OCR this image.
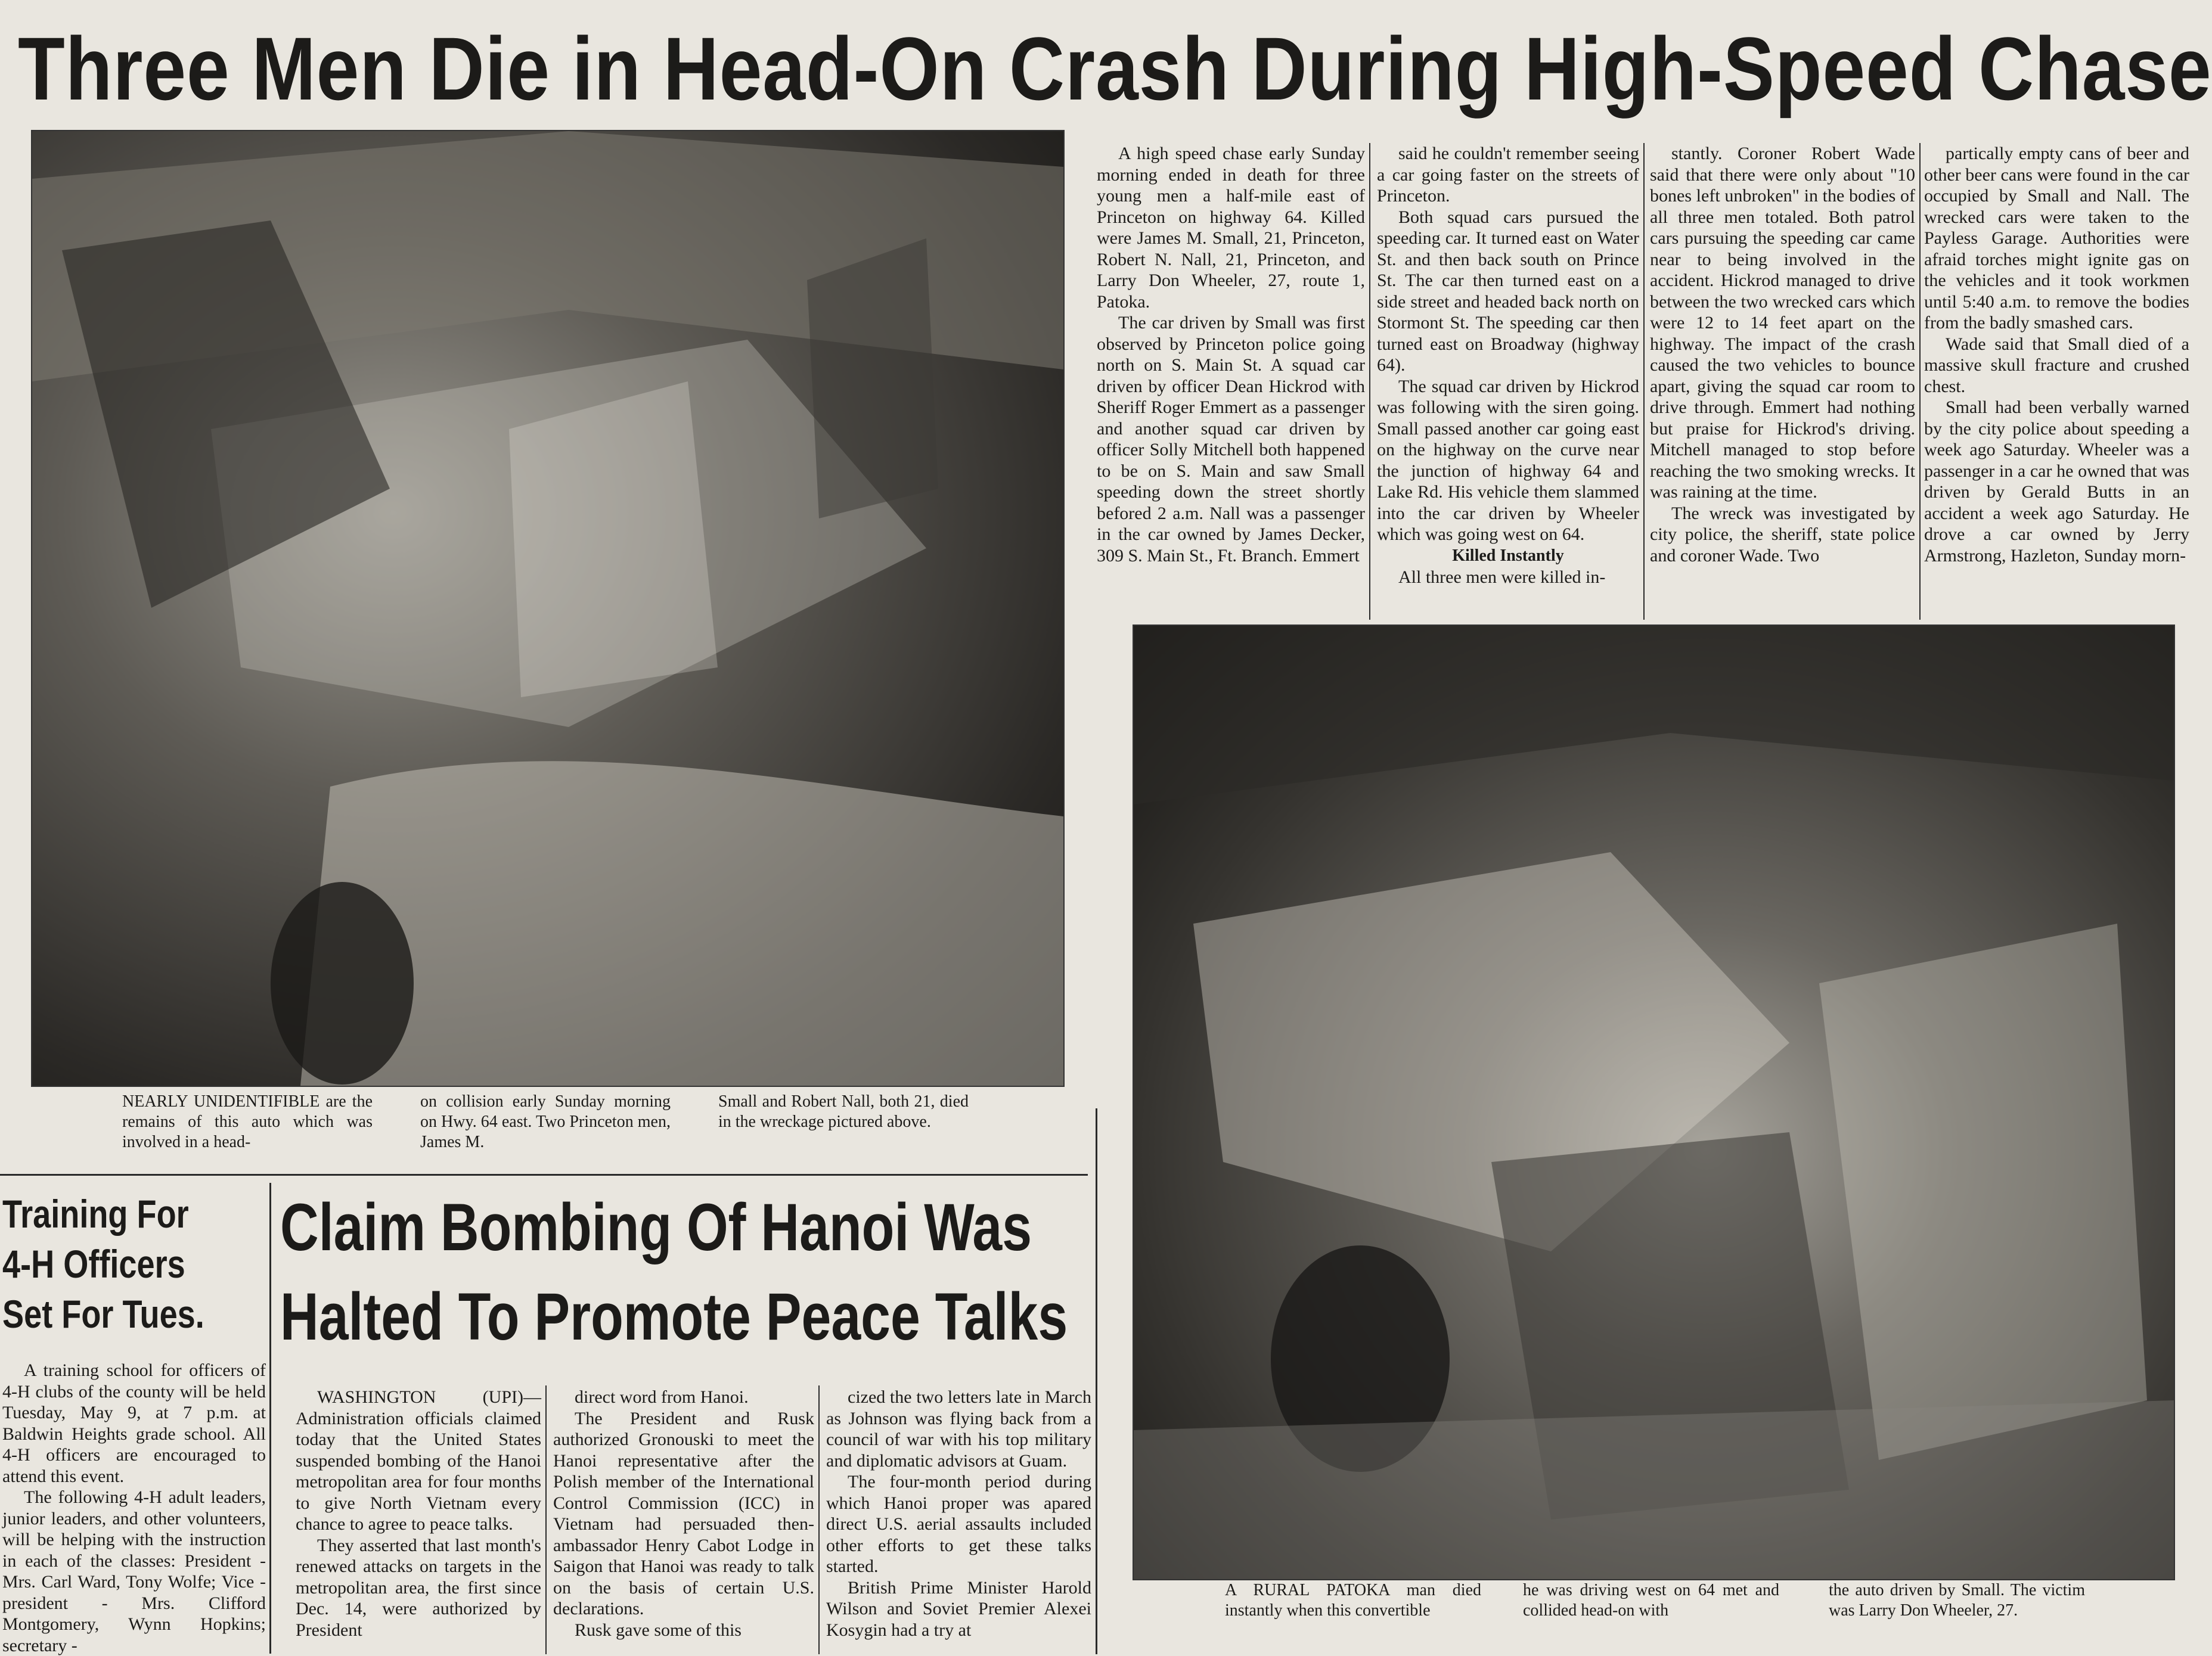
Three Men Die in Head-On Crash During High-Speed Chase
NEARLY UNIDENTIFIBLE are the remains of this auto which was involved in a head-
on collision early Sunday morning on Hwy. 64 east. Two Princeton men, James M.
Small and Robert Nall, both 21, died in the wreckage pictured above.

A high speed chase early Sunday morning ended in death for three young men a half-mile east of Princeton on highway 64. Killed were James M. Small, 21, Princeton, Robert N. Nall, 21, Princeton, and Larry Don Wheeler, 27, route 1, Patoka.

The car driven by Small was first observed by Princeton police going north on S. Main St. A squad car driven by officer Dean Hickrod with Sheriff Roger Emmert as a passenger and another squad car driven by officer Solly Mitchell both happened to be on S. Main and saw Small speeding down the street shortly befored 2 a.m. Nall was a passenger in the car owned by James Decker, 309 S. Main St., Ft. Branch. Emmert

said he couldn't remember seeing a car going faster on the streets of Princeton.

Both squad cars pursued the speeding car. It turned east on Water St. and then back south on Prince St. The car then turned east on a side street and headed back north on Stormont St. The speeding car then turned east on Broadway (highway 64).

The squad car driven by Hickrod was following with the siren going. Small passed another car going east on the highway on the curve near the junction of highway 64 and Lake Rd. His vehicle them slammed into the car driven by Wheeler which was going west on 64.

Killed Instantly

All three men were killed in-

stantly. Coroner Robert Wade said that there were only about "10 bones left unbroken" in the bodies of all three men totaled. Both patrol cars pursuing the speeding car came near to being involved in the accident. Hickrod managed to drive between the two wrecked cars which were 12 to 14 feet apart on the highway. The impact of the crash caused the two vehicles to bounce apart, giving the squad car room to drive through. Emmert had nothing but praise for Hickrod's driving. Mitchell managed to stop before reaching the two smoking wrecks. It was raining at the time.

The wreck was investigated by city police, the sheriff, state police and coroner Wade. Two

partically empty cans of beer and other beer cans were found in the car occupied by Small and Nall. The wrecked cars were taken to the Payless Garage. Authorities were afraid torches might ignite gas on the vehicles and it took workmen until 5:40 a.m. to remove the bodies from the badly smashed cars.

Wade said that Small died of a massive skull fracture and crushed chest.

Small had been verbally warned by the city police about speeding a week ago Saturday. Wheeler was a passenger in a car he owned that was driven by Gerald Butts in an accident a week ago Saturday. He drove a car owned by Jerry Armstrong, Hazleton, Sunday morn-

A RURAL PATOKA man died instantly when this convertible
he was driving west on 64 met and collided head-on with
the auto driven by Small. The victim was Larry Don Wheeler, 27.
Training For
4-H Officers
Set For Tues.

A training school for officers of 4-H clubs of the county will be held Tuesday, May 9, at 7 p.m. at Baldwin Heights grade school. All 4-H officers are encouraged to attend this event.

The following 4-H adult leaders, junior leaders, and other volunteers, will be helping with the instruction in each of the classes: President - Mrs. Carl Ward, Tony Wolfe; Vice -president - Mrs. Clifford Montgomery, Wynn Hopkins; secretary -

Claim Bombing Of Hanoi Was
Halted To Promote Peace Talks

WASHINGTON (UPI)—Administration officials claimed today that the United States suspended bombing of the Hanoi metropolitan area for four months to give North Vietnam every chance to agree to peace talks.

They asserted that last month's renewed attacks on targets in the metropolitan area, the first since Dec. 14, were authorized by President

direct word from Hanoi.

The President and Rusk authorized Gronouski to meet the Hanoi representative after the Polish member of the International Control Commission (ICC) in Vietnam had persuaded then-ambassador Henry Cabot Lodge in Saigon that Hanoi was ready to talk on the basis of certain U.S. declarations.

Rusk gave some of this

cized the two letters late in March as Johnson was flying back from a council of war with his top military and diplomatic advisors at Guam.

The four-month period during which Hanoi proper was apared direct U.S. aerial assaults included other efforts to get these talks started.

British Prime Minister Harold Wilson and Soviet Premier Alexei Kosygin had a try at
